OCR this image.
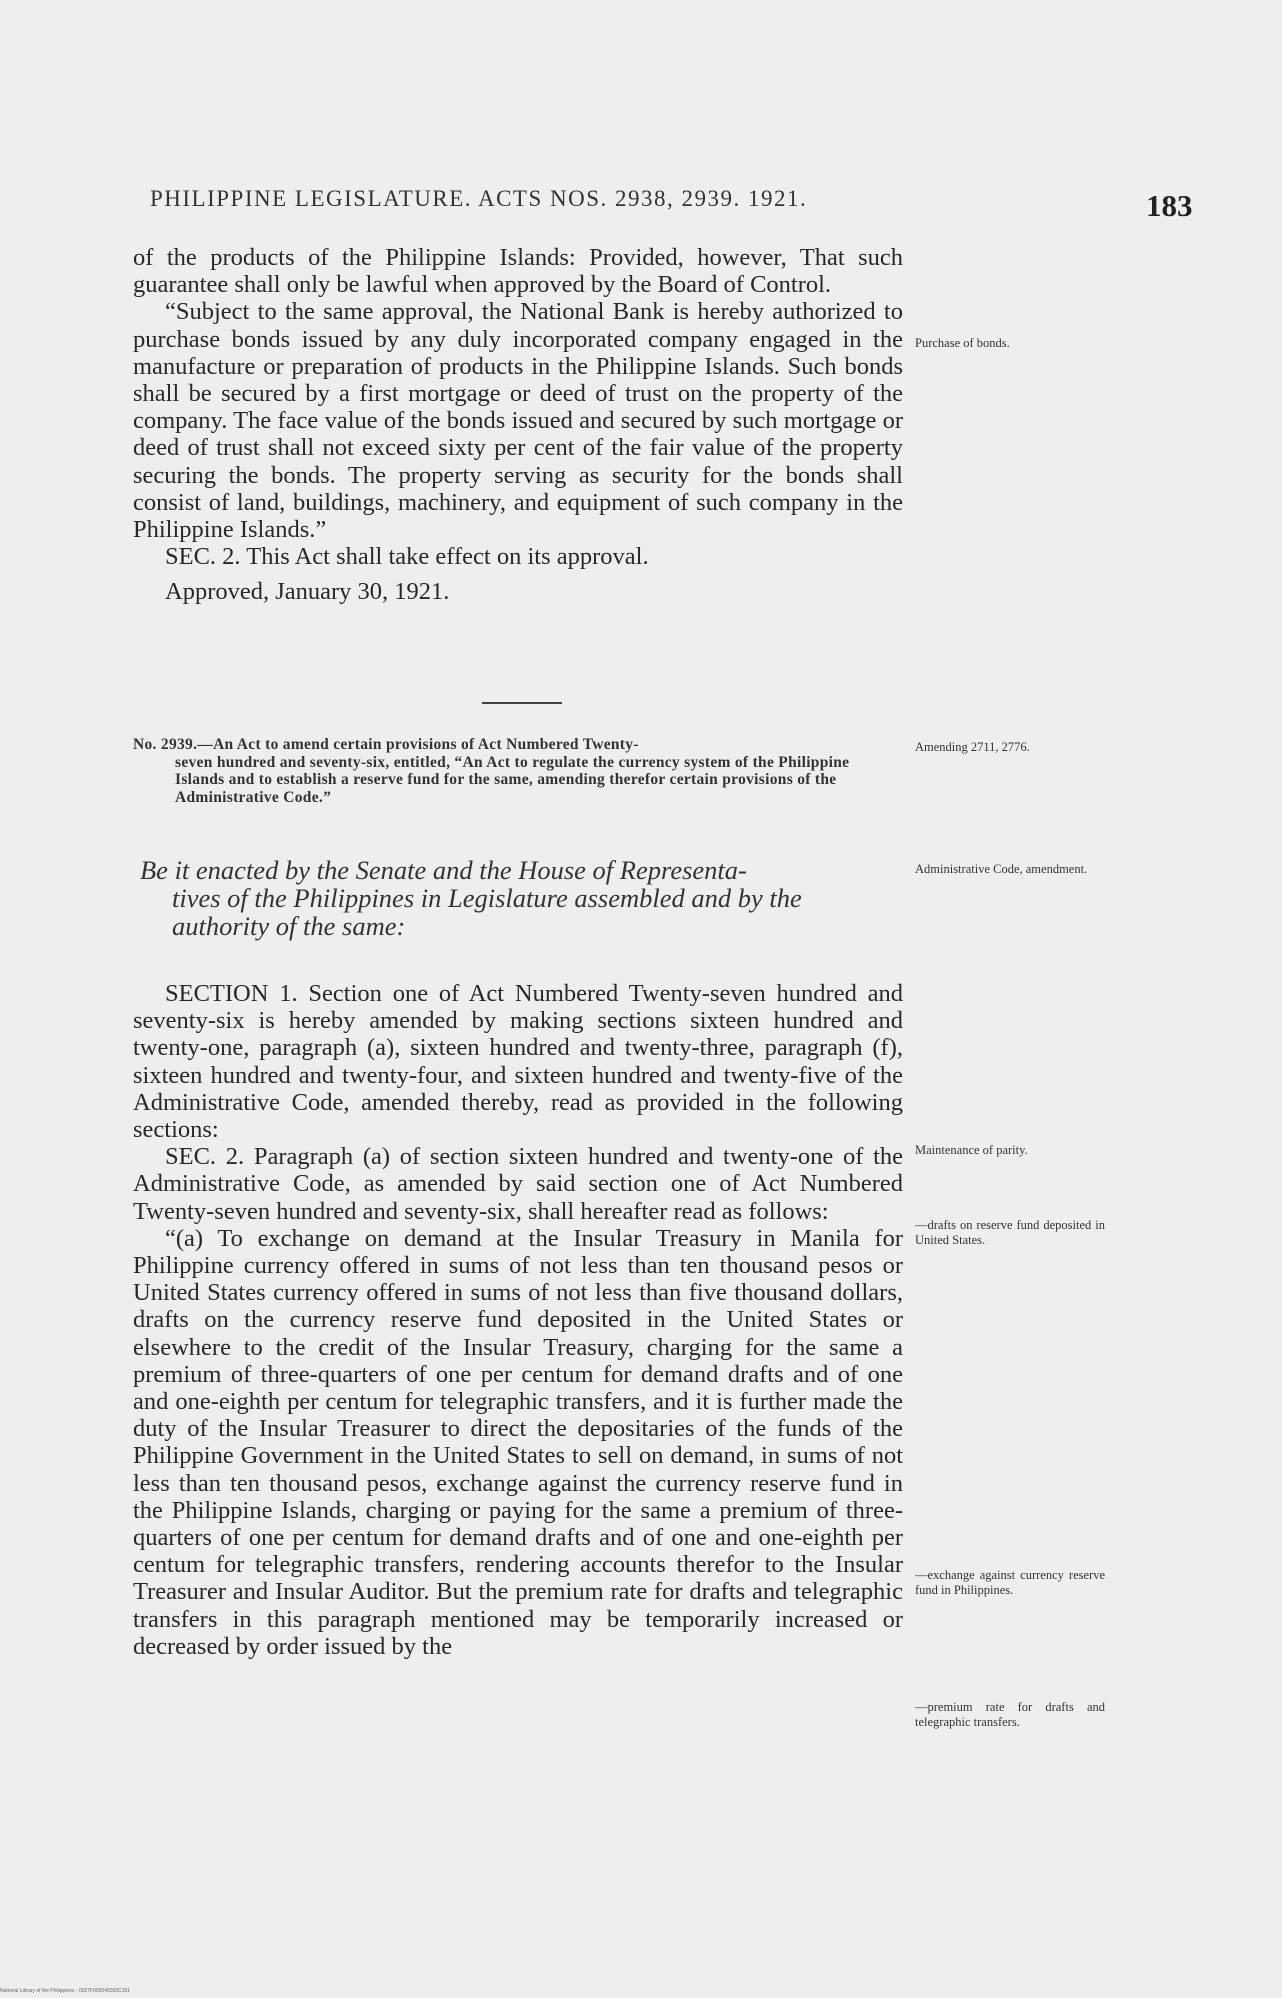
PHILIPPINE LEGISLATURE. ACTS NOS. 2938, 2939. 1921.	183

of the products of the Philippine Islands: Provided, however, That such guarantee shall only be lawful when approved by the Board of Control.

“Subject to the same approval, the National Bank is hereby authorized to purchase bonds issued by any duly incorporated company engaged in the manufacture or preparation of products in the Philippine Islands. Such bonds shall be secured by a first mortgage or deed of trust on the property of the company. The face value of the bonds issued and secured by such mortgage or deed of trust shall not exceed sixty per cent of the fair value of the property securing the bonds. The property serving as security for the bonds shall consist of land, buildings, machinery, and equipment of such company in the Philippine Islands.”

SEC. 2. This Act shall take effect on its approval.

Approved, January 30, 1921.

No. 2939.—An Act to amend certain provisions of Act Numbered Twenty-
seven hundred and seventy-six, entitled, “An Act to regulate the currency system of the Philippine Islands and to establish a reserve fund for the same, amending therefor certain provisions of the Administrative Code.”
Be it enacted by the Senate and the House of Representa-
tives of the Philippines in Legislature assembled and by the authority of the same:

SECTION 1. Section one of Act Numbered Twenty-seven hundred and seventy-six is hereby amended by making sections sixteen hundred and twenty-one, paragraph (a), sixteen hundred and twenty-three, paragraph (f), sixteen hundred and twenty-four, and sixteen hundred and twenty-five of the Administrative Code, amended thereby, read as provided in the following sections:

SEC. 2. Paragraph (a) of section sixteen hundred and twenty-one of the Administrative Code, as amended by said section one of Act Numbered Twenty-seven hundred and seventy-six, shall hereafter read as follows:

“(a) To exchange on demand at the Insular Treasury in Manila for Philippine currency offered in sums of not less than ten thousand pesos or United States currency offered in sums of not less than five thousand dollars, drafts on the currency reserve fund deposited in the United States or elsewhere to the credit of the Insular Treasury, charging for the same a premium of three-quarters of one per centum for demand drafts and of one and one-eighth per centum for telegraphic transfers, and it is further made the duty of the Insular Treasurer to direct the depositaries of the funds of the Philippine Government in the United States to sell on demand, in sums of not less than ten thousand pesos, exchange against the currency reserve fund in the Philippine Islands, charging or paying for the same a premium of three-quarters of one per centum for demand drafts and of one and one-eighth per centum for telegraphic transfers, rendering accounts therefor to the Insular Treasurer and Insular Auditor. But the premium rate for drafts and telegraphic transfers in this paragraph mentioned may be temporarily increased or decreased by order issued by the

Purchase of bonds.
Amending 2711, 2776.
Administrative Code, amendment.
Maintenance of parity.
—drafts on reserve fund deposited in United States.
—exchange against currency reserve fund in Philippines.
—premium rate for drafts and telegraphic transfers.
National Library of the Philippines - 0027F000045002C161
